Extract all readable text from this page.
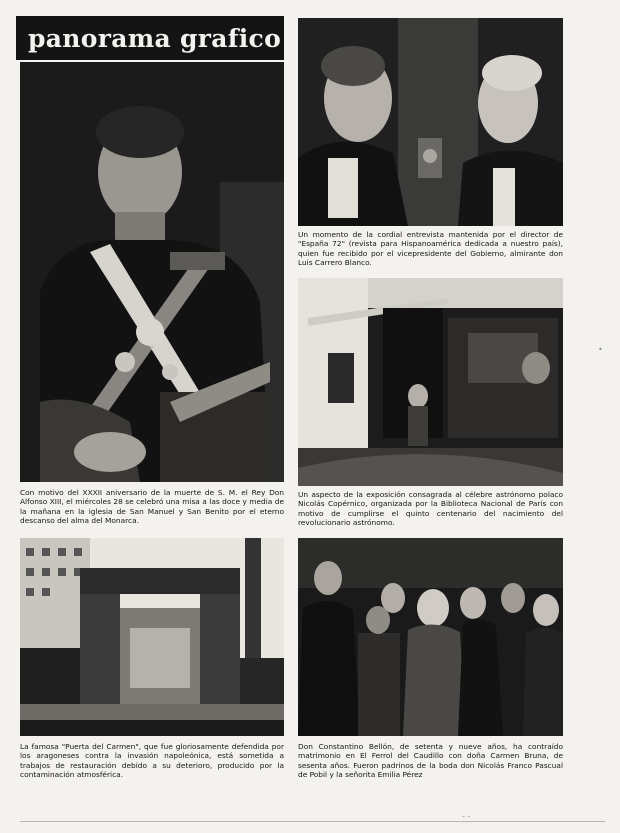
panorama grafico

Con motivo del XXXII aniversario de la muerte de S. M. el Rey Don Alfonso XIII, el miércoles 28 se celebró una misa a las doce y media de la mañana en la iglesia de San Manuel y San Benito por el eterno descanso del alma del Monarca.

Un momento de la cordial entrevista mantenida por el director de "España 72" (revista para Hispanoamérica dedicada a nuestro país), quien fue recibido por el vicepresidente del Gobierno, almirante don Luis Carrero Blanco.

Un aspecto de la exposición consagrada al célebre astrónomo polaco Nicolás Copérnico, organizada por la Biblioteca Nacional de París con motivo de cumplirse el quinto centenario del nacimiento del revolucionario astrónomo.

La famosa "Puerta del Carmen", que fue gloriosamente defendida por los aragoneses contra la invasión napoleónica, está sometida a trabajos de restauración debido a su deterioro, producido por la contaminación atmosférica.

Don Constantino Bellón, de setenta y nueve años, ha contraído matrimonio en El Ferrol del Caudillo con doña Carmen Bruna, de sesenta años. Fueron padrinos de la boda don Nicolás Franco Pascual de Pobil y la señorita Emilia Pérez

•
‐ ‐
